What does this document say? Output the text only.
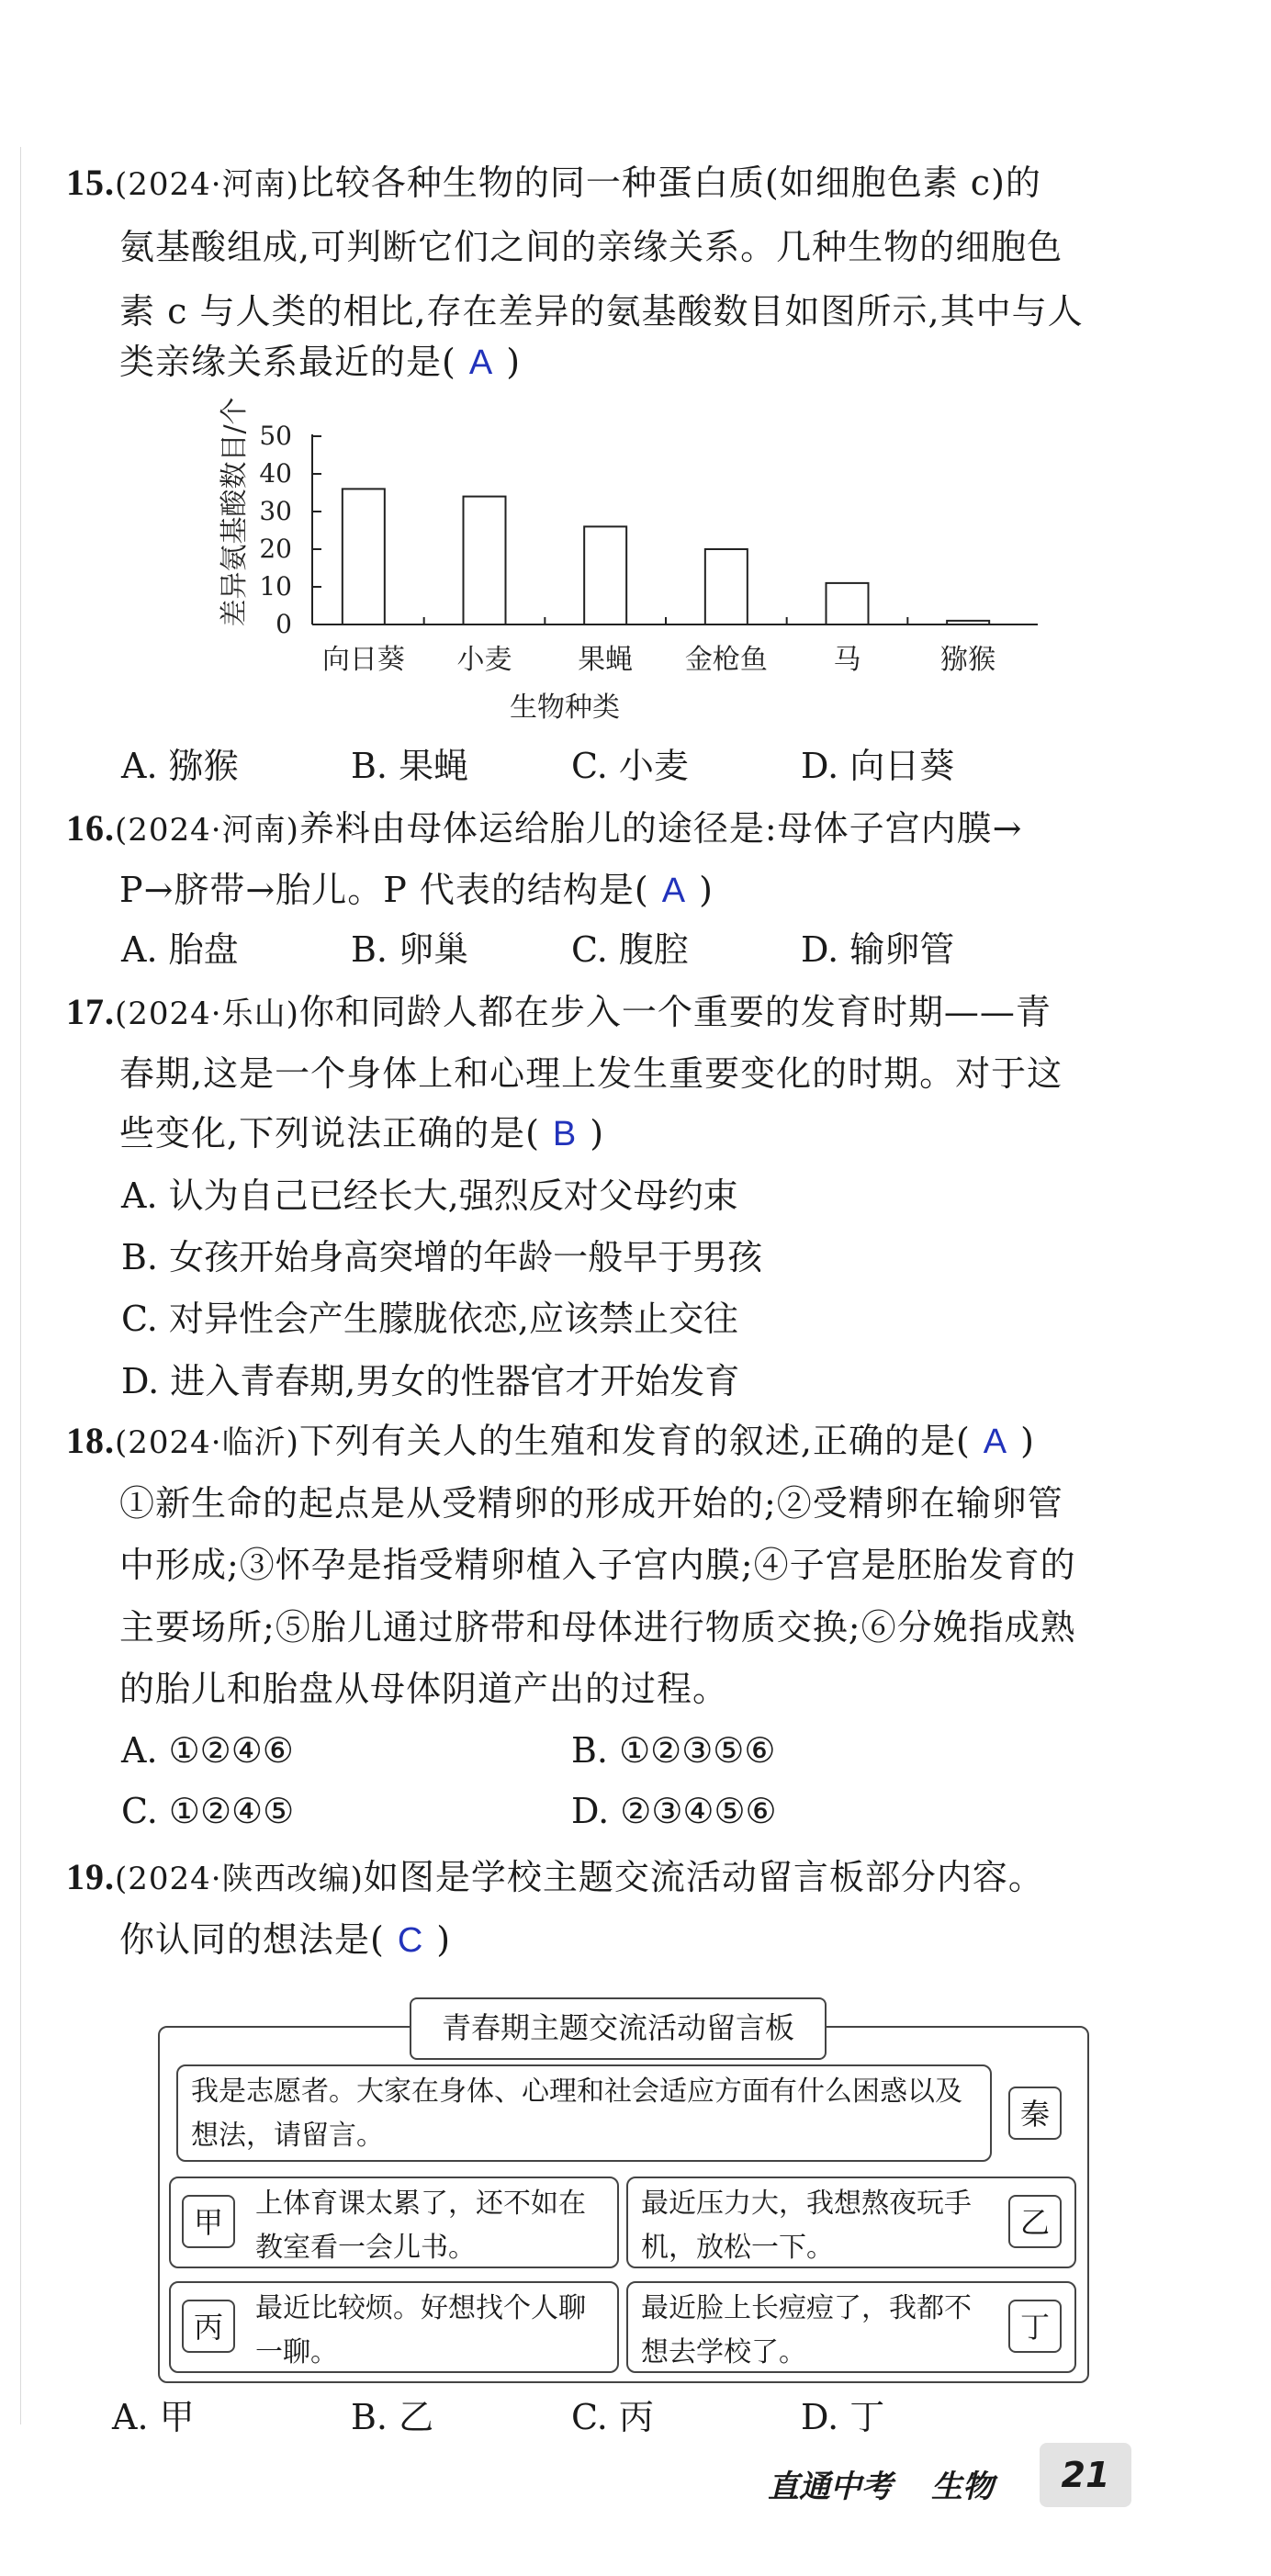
15.(2024·河南)比较各种生物的同一种蛋白质(如细胞色素 c)的
氨基酸组成,可判断它们之间的亲缘关系。几种生物的细胞色
素 c 与人类的相比,存在差异的氨基酸数目如图所示,其中与人
类亲缘关系最近的是( A )
0
10
20
30
40
50
向日葵 小麦 果蝇 金枪鱼 马	猕猴
差异氨基酸数目/个
生物种类
A. 猕猴	B. 果蝇	C. 小麦	D. 向日葵
16.(2024·河南)养料由母体运给胎儿的途径是:母体子宫内膜→
P→脐带→胎儿。P 代表的结构是( A )
A. 胎盘	B. 卵巢	C. 腹腔	D. 输卵管
17.(2024·乐山)你和同龄人都在步入一个重要的发育时期——青
春期,这是一个身体上和心理上发生重要变化的时期。对于这
些变化,下列说法正确的是( B )
A. 认为自己已经长大,强烈反对父母约束
B. 女孩开始身高突增的年龄一般早于男孩
C. 对异性会产生朦胧依恋,应该禁止交往
D. 进入青春期,男女的性器官才开始发育
18.(2024·临沂)下列有关人的生殖和发育的叙述,正确的是( A )
①新生命的起点是从受精卵的形成开始的;②受精卵在输卵管
中形成;③怀孕是指受精卵植入子宫内膜;④子宫是胚胎发育的
主要场所;⑤胎儿通过脐带和母体进行物质交换;⑥分娩指成熟
的胎儿和胎盘从母体阴道产出的过程。
A. ①②④⑥	B. ①②③⑤⑥
C. ①②④⑤	D. ②③④⑤⑥
19.(2024·陕西改编)如图是学校主题交流活动留言板部分内容。
你认同的想法是( C )
我是志愿者。大家在身体、心理和社会适应方面有什么困惑以及想法，请留言。
秦
上体育课太累了，还不如在教室看一会儿书。
甲
最近压力大，我想熬夜玩手机，放松一下。
乙
最近比较烦。好想找个人聊一聊。
丙
最近脸上长痘痘了，我都不想去学校了。
丁
青春期主题交流活动留言板
A. 甲	B. 乙	C. 丙	D. 丁
直通中考 生物	21
